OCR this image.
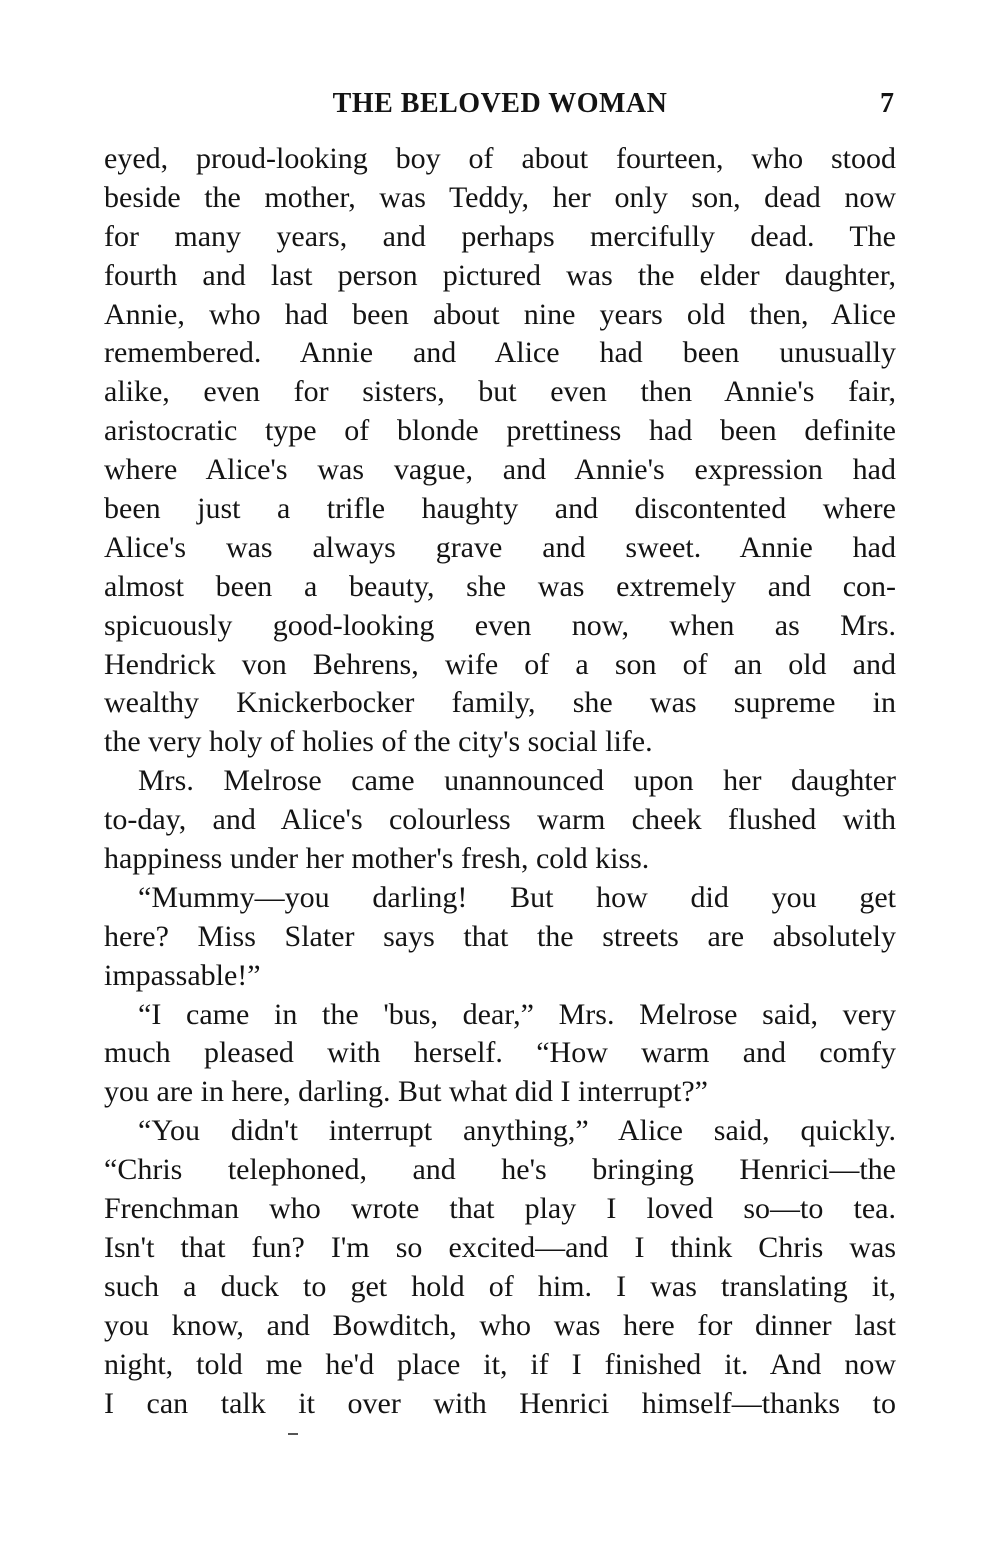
THE BELOVED WOMAN	7
eyed, proud-looking boy of about fourteen, who stood
beside the mother, was Teddy, her only son, dead now
for many years, and perhaps mercifully dead. The
fourth and last person pictured was the elder daughter,
Annie, who had been about nine years old then, Alice
remembered. Annie and Alice had been unusually
alike, even for sisters, but even then Annie's fair,
aristocratic type of blonde prettiness had been definite
where Alice's was vague, and Annie's expression had
been just a trifle haughty and discontented where
Alice's was always grave and sweet. Annie had
almost been a beauty, she was extremely and con-
spicuously good-looking even now, when as Mrs.
Hendrick von Behrens, wife of a son of an old and
wealthy Knickerbocker family, she was supreme in
the very holy of holies of the city's social life.
Mrs. Melrose came unannounced upon her daughter
to-day, and Alice's colourless warm cheek flushed with
happiness under her mother's fresh, cold kiss.
“Mummy—you darling! But how did you get
here? Miss Slater says that the streets are absolutely
impassable!”
“I came in the 'bus, dear,” Mrs. Melrose said, very
much pleased with herself. “How warm and comfy
you are in here, darling. But what did I interrupt?”
“You didn't interrupt anything,” Alice said, quickly.
“Chris telephoned, and he's bringing Henrici—the
Frenchman who wrote that play I loved so—to tea.
Isn't that fun? I'm so excited—and I think Chris was
such a duck to get hold of him. I was translating it,
you know, and Bowditch, who was here for dinner last
night, told me he'd place it, if I finished it. And now
I can talk it over with Henrici himself—thanks to
